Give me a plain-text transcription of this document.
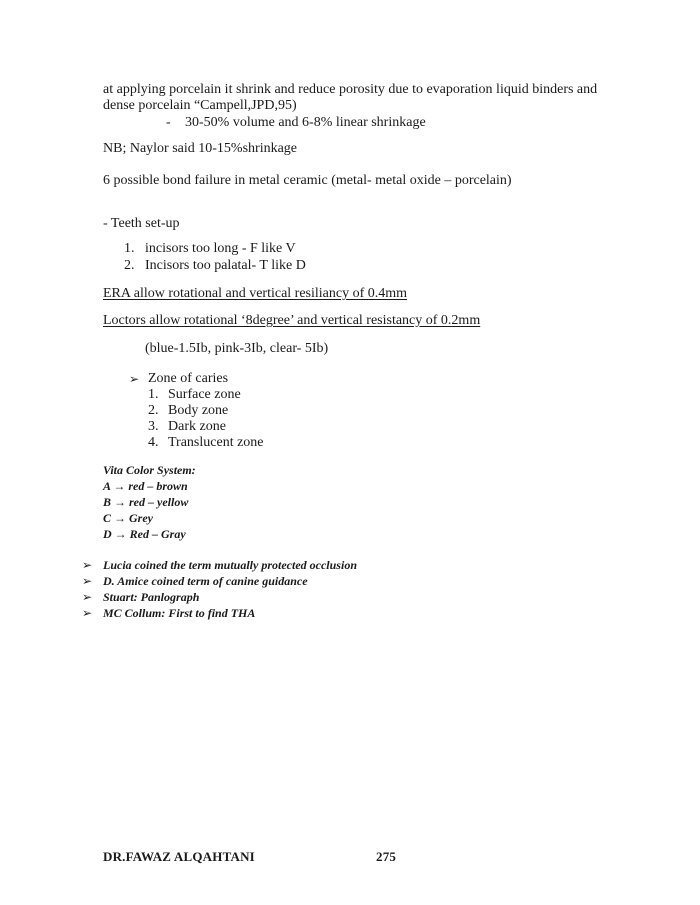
at applying porcelain it shrink and reduce porosity due to evaporation liquid binders and
dense porcelain “Campell,JPD,95)
- 30-50% volume and 6-8% linear shrinkage
NB; Naylor said 10-15%shrinkage
6 possible bond failure in metal ceramic (metal- metal oxide – porcelain)
- Teeth set-up
1. incisors too long - F like V
2. Incisors too palatal- T like D
ERA allow rotational and vertical resiliancy of 0.4mm
Loctors allow rotational ‘8degree’ and vertical resistancy of 0.2mm
(blue-1.5Ib, pink-3Ib, clear- 5Ib)
➢ Zone of caries
1. Surface zone
2. Body zone
3. Dark zone
4. Translucent zone
Vita Color System:
A → red – brown
B → red – yellow
C → Grey
D → Red – Gray
➢ Lucia coined the term mutually protected occlusion
➢ D. Amice coined term of canine guidance
➢ Stuart: Panlograph
➢ MC Collum: First to find THA
DR.FAWAZ ALQAHTANI	275
